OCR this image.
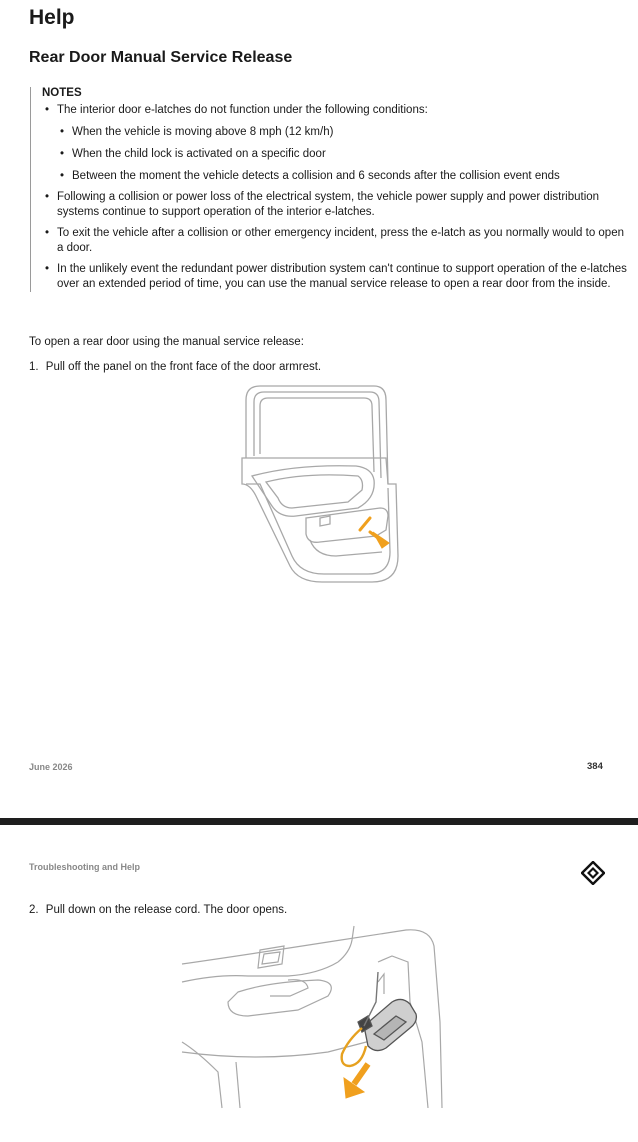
Help
Rear Door Manual Service Release
NOTES
• The interior door e-latches do not function under the following conditions:
• When the vehicle is moving above 8 mph (12 km/h)
• When the child lock is activated on a specific door
• Between the moment the vehicle detects a collision and 6 seconds after the collision event ends
• Following a collision or power loss of the electrical system, the vehicle power supply and power distribution systems continue to support operation of the interior e-latches.
• To exit the vehicle after a collision or other emergency incident, press the e-latch as you normally would to open a door.
• In the unlikely event the redundant power distribution system can't continue to support operation of the e-latches over an extended period of time, you can use the manual service release to open a rear door from the inside.
To open a rear door using the manual service release:
1. Pull off the panel on the front face of the door armrest.
June 2026	384
Troubleshooting and Help
2. Pull down on the release cord. The door opens.
